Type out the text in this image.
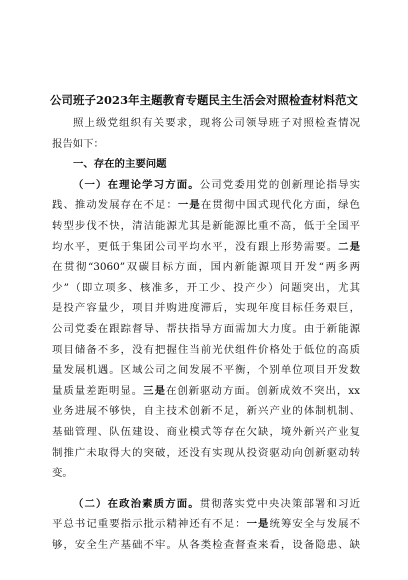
公司班子2023年主题教育专题民主生活会对照检查材料范文
照上级党组织有关要求，现将公司领导班子对照检查情况
报告如下：
一、存在的主要问题
（一）在理论学习方面。公司党委用党的创新理论指导实
践、推动发展存在不足：一是在贯彻中国式现代化方面，绿色
转型步伐不快，清洁能源尤其是新能源比重不高，低于全国平
均水平，更低于集团公司平均水平，没有跟上形势需要。二是
在贯彻“3060”双碳目标方面，国内新能源项目开发“两多两
少”（即立项多、核准多，开工少、投产少）问题突出，尤其
是投产容量少，项目并购进度滞后，实现年度目标任务艰巨，
公司党委在跟踪督导、帮扶指导方面需加大力度。由于新能源
项目储备不多，没有把握住当前光伏组件价格处于低位的高质
量发展机遇。区域公司之间发展不平衡，个别单位项目开发数
量质量差距明显。三是在创新驱动方面。创新成效不突出，xx
业务进展不够快，自主技术创新不足，新兴产业的体制机制、
基础管理、队伍建设、商业模式等存在欠缺，境外新兴产业复
制推广未取得大的突破，还没有实现从投资驱动向创新驱动转
变。
（二）在政治素质方面。贯彻落实党中央决策部署和习近
平总书记重要指示批示精神还有不足：一是统筹安全与发展不
够，安全生产基础不牢。从各类检查督查来看，设备隐患、缺
